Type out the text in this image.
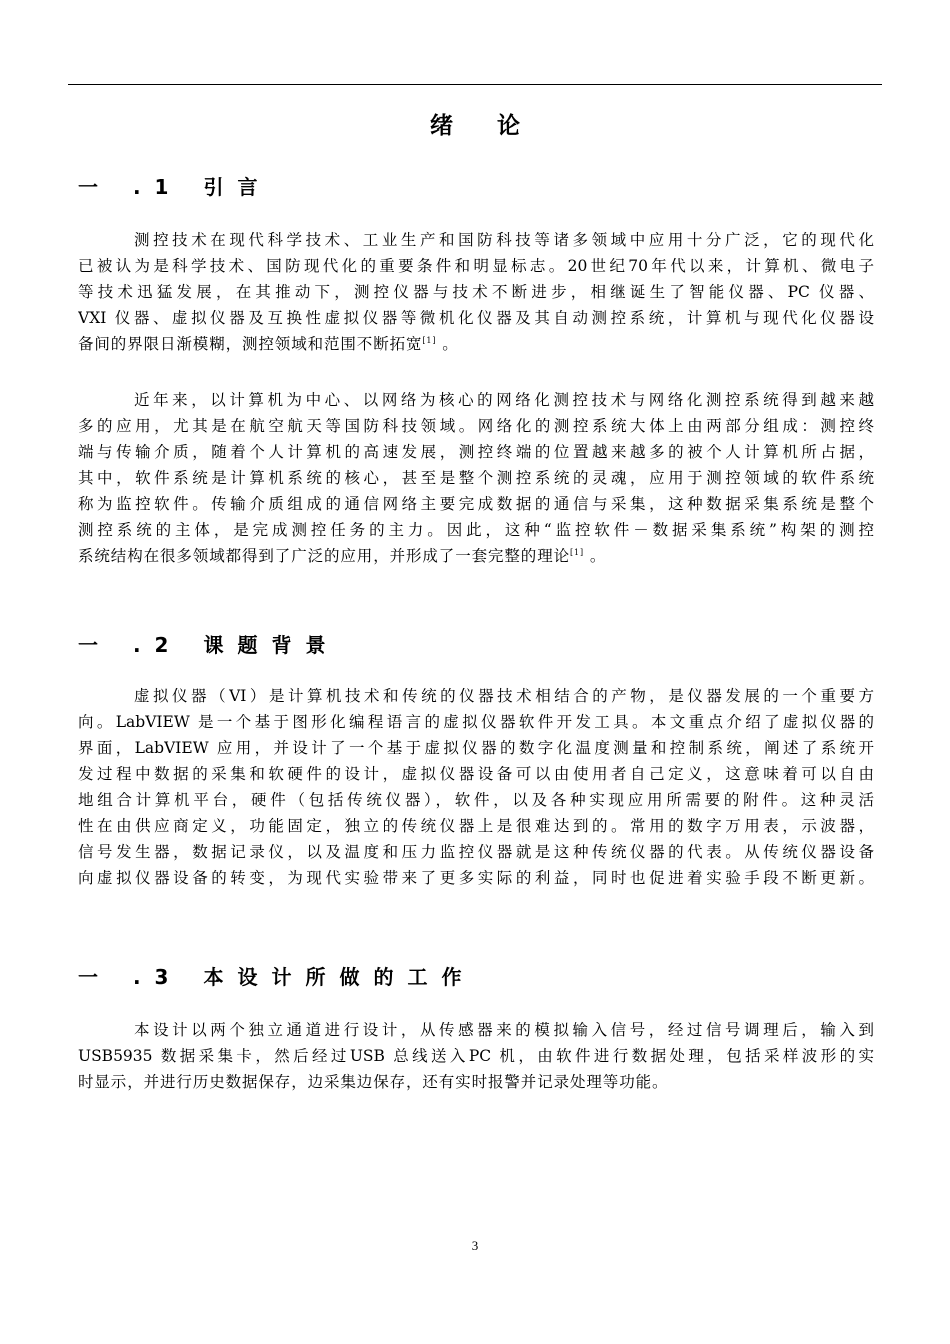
绪论
一 .1 引言
测控技术在现代科学技术、工业生产和国防科技等诸多领域中应用十分广泛，它的现代化
已被认为是科学技术、国防现代化的重要条件和明显标志。20世纪70年代以来，计算机、微电子
等技术迅猛发展，在其推动下，测控仪器与技术不断进步，相继诞生了智能仪器、PC 仪器、
VXI 仪器、虚拟仪器及互换性虚拟仪器等微机化仪器及其自动测控系统，计算机与现代化仪器设
备间的界限日渐模糊，测控领域和范围不断拓宽[1] 。
近年来，以计算机为中心、以网络为核心的网络化测控技术与网络化测控系统得到越来越
多的应用，尤其是在航空航天等国防科技领域。网络化的测控系统大体上由两部分组成：测控终
端与传输介质，随着个人计算机的高速发展，测控终端的位置越来越多的被个人计算机所占据，
其中，软件系统是计算机系统的核心，甚至是整个测控系统的灵魂，应用于测控领域的软件系统
称为监控软件。传输介质组成的通信网络主要完成数据的通信与采集，这种数据采集系统是整个
测控系统的主体，是完成测控任务的主力。因此，这种“监控软件－数据采集系统”构架的测控
系统结构在很多领域都得到了广泛的应用，并形成了一套完整的理论[1] 。
一 .2 课题背景
虚拟仪器（VI）是计算机技术和传统的仪器技术相结合的产物，是仪器发展的一个重要方
向。LabVIEW 是一个基于图形化编程语言的虚拟仪器软件开发工具。本文重点介绍了虚拟仪器的
界面，LabVIEW 应用，并设计了一个基于虚拟仪器的数字化温度测量和控制系统，阐述了系统开
发过程中数据的采集和软硬件的设计，虚拟仪器设备可以由使用者自己定义，这意味着可以自由
地组合计算机平台，硬件（包括传统仪器），软件，以及各种实现应用所需要的附件。这种灵活
性在由供应商定义，功能固定，独立的传统仪器上是很难达到的。常用的数字万用表，示波器，
信号发生器，数据记录仪，以及温度和压力监控仪器就是这种传统仪器的代表。从传统仪器设备
向虚拟仪器设备的转变，为现代实验带来了更多实际的利益，同时也促进着实验手段不断更新。
一 .3 本设计所做的工作
本设计以两个独立通道进行设计，从传感器来的模拟输入信号，经过信号调理后，输入到
USB5935 数据采集卡，然后经过USB 总线送入PC 机，由软件进行数据处理，包括采样波形的实
时显示，并进行历史数据保存，边采集边保存，还有实时报警并记录处理等功能。
3
